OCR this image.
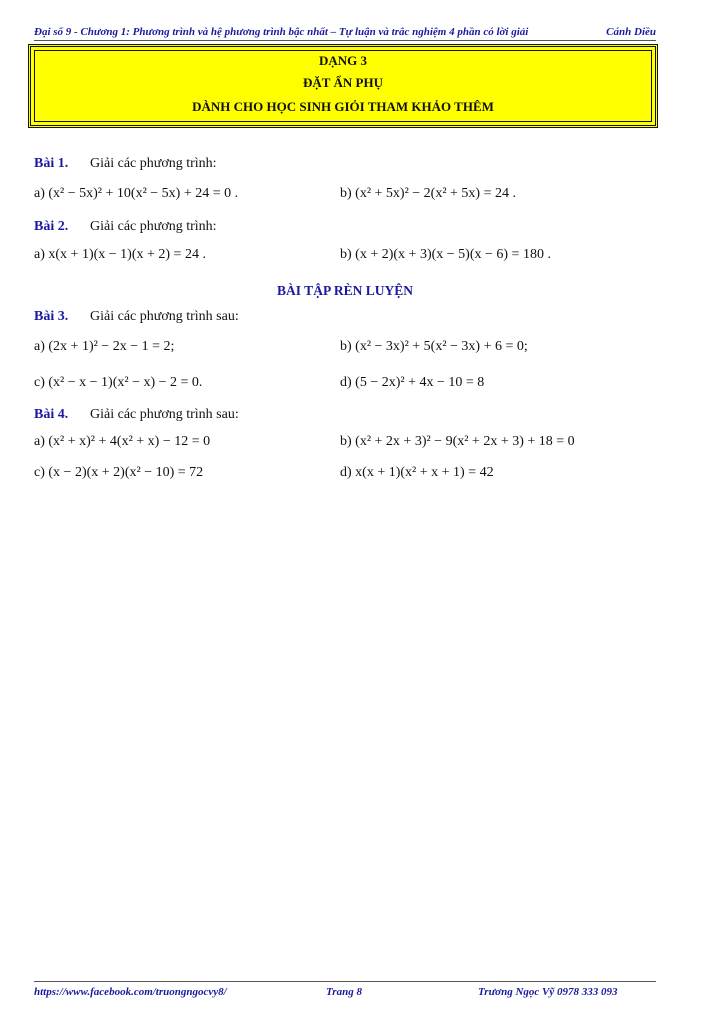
Đại số 9 - Chương 1: Phương trình và hệ phương trình bậc nhất – Tự luận và trắc nghiệm 4 phần có lời giải	Cánh Diều
DẠNG 3
ĐẶT ẨN PHỤ
DÀNH CHO HỌC SINH GIỎI THAM KHẢO THÊM
Bài 1. Giải các phương trình:
a) (x² − 5x)² + 10(x² − 5x) + 24 = 0 .	b) (x² + 5x)² − 2(x² + 5x) = 24 .
Bài 2. Giải các phương trình:
a) x(x + 1)(x − 1)(x + 2) = 24 .	b) (x + 2)(x + 3)(x − 5)(x − 6) = 180 .
BÀI TẬP RÈN LUYỆN
Bài 3. Giải các phương trình sau:
a) (2x + 1)² − 2x − 1 = 2;	b) (x² − 3x)² + 5(x² − 3x) + 6 = 0;
c) (x² − x − 1)(x² − x) − 2 = 0.	d) (5 − 2x)² + 4x − 10 = 8
Bài 4. Giải các phương trình sau:
a) (x² + x)² + 4(x² + x) − 12 = 0	b) (x² + 2x + 3)² − 9(x² + 2x + 3) + 18 = 0
c) (x − 2)(x + 2)(x² − 10) = 72	d) x(x + 1)(x² + x + 1) = 42
https://www.facebook.com/truongngocvy8/	Trang 8	Trương Ngọc Vỹ 0978 333 093
